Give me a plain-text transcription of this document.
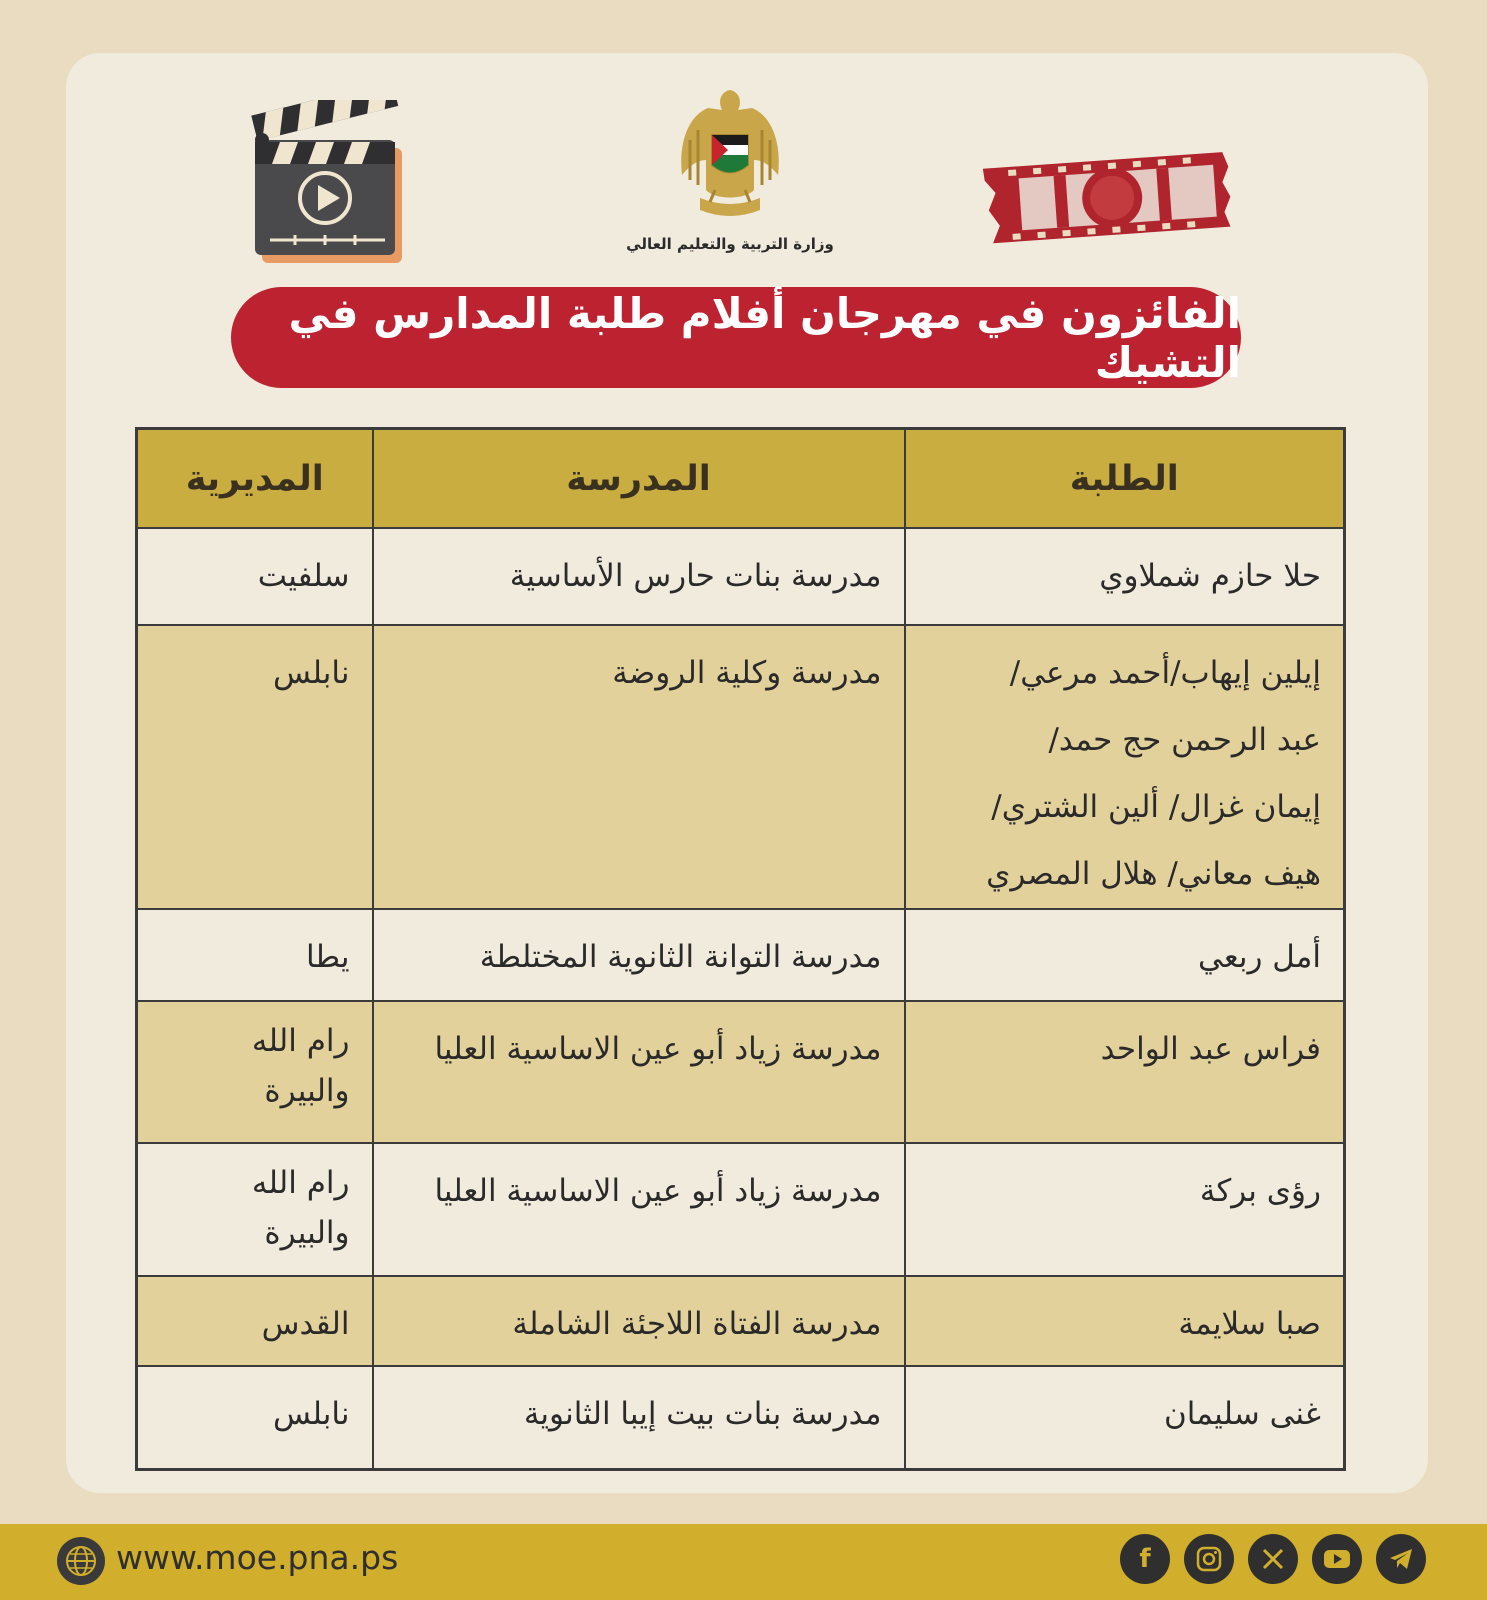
وزارة التربية والتعليم العالي
الفائزون في مهرجان أفلام طلبة المدارس في التشيك
الطلبة	المدرسة	المديرية

حلا حازم شملاوي	مدرسة بنات حارس الأساسية	سلفيت

إيلين إيهاب/أحمد مرعي/
عبد الرحمن حج حمد/
إيمان غزال/ ألين الشتري/
هيف معاني/ هلال المصري	مدرسة وكلية الروضة	نابلس

أمل ربعي	مدرسة التوانة الثانوية المختلطة	يطا

فراس عبد الواحد	مدرسة زياد أبو عين الاساسية العليا	رام الله
والبيرة

رؤى بركة	مدرسة زياد أبو عين الاساسية العليا	رام الله
والبيرة

صبا سلايمة	مدرسة الفتاة اللاجئة الشاملة	القدس

غنى سليمان	مدرسة بنات بيت إيبا الثانوية	نابلس
www.moe.pna.ps	f
